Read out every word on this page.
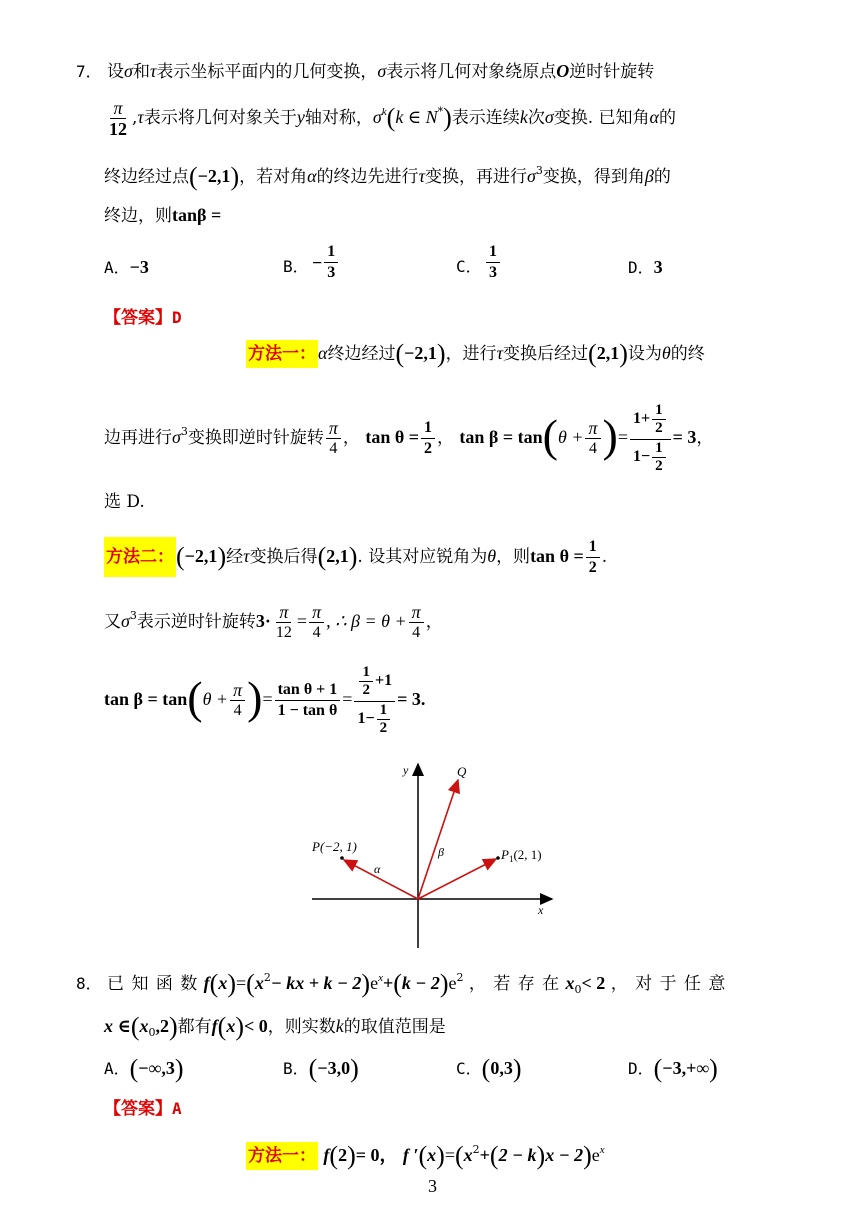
7． 设σ和τ表示坐标平面内的几何变换，σ表示将几何对象绕原点O逆时针旋转
$\frac{\pi}{12} ,\tau$表示将几何对象关于y轴对称，$\sigma^k(k$ ∈ N*)表示连续k次σ变换. 已知角α的
终边经过点(−2,1)，若对角α的终边先进行τ变换，再进行$\sigma^3$变换，得到角β的
终边，则tanβ =
A．−3	B． − $\frac{1}{3}$	C． $\frac{1}{3}$	D．3
【答案】D
方法一： α终边经过(−2,1)，进行τ变换后经过(2,1)设为θ的终
边再进行$\sigma^3$变换即逆时针旋转 $\frac{\pi}{4}$ ， $\tan \theta = \frac{1}{2}$ ， $\tan \beta = \tan(\theta + \frac{\pi}{4}$ )= $\frac{1+ \frac{1}{2}}{1- \frac{1}{2}} = 3$，
选 D.
方法二：(−2,1)经τ变换后得(2,1). 设其对应锐角为θ，则$\tan \theta = \frac{1}{2}$ .
又$\sigma^3$表示逆时针旋转$3\cdot \frac{\pi}{12} = \frac{\pi}{4}$ , ∴ $\beta = \theta + \frac{\pi}{4}$ ，
$\tan \beta = \tan(\theta + \frac{\pi}{4}$ )= $\frac{\text{tan θ + 1}}{\text{1 − tan θ}} = \frac{\frac{1}{2} +1}{1- \frac{1}{2}} = 3$.
y
x
Q
P(−2, 1)
$P_1(2$, 1)
α
β
8． 已 知 函 数 $f(x)=(x^2-$ kx + $k - 2)e^x+(k - 2)e^2$ ， 若 存 在 $x_0< 2$ ， 对 于 任 意
x $\in(x_0,2)$都有f(x)< 0，则实数k的取值范围是
A．(−∞,3)	B．(−3,0)	C．(0,3)	D．(−3,+∞)
【答案】A
方法一： f(2)= 0， f $'(x)=(x^2+(2 - k)x - 2)e^x$
3
